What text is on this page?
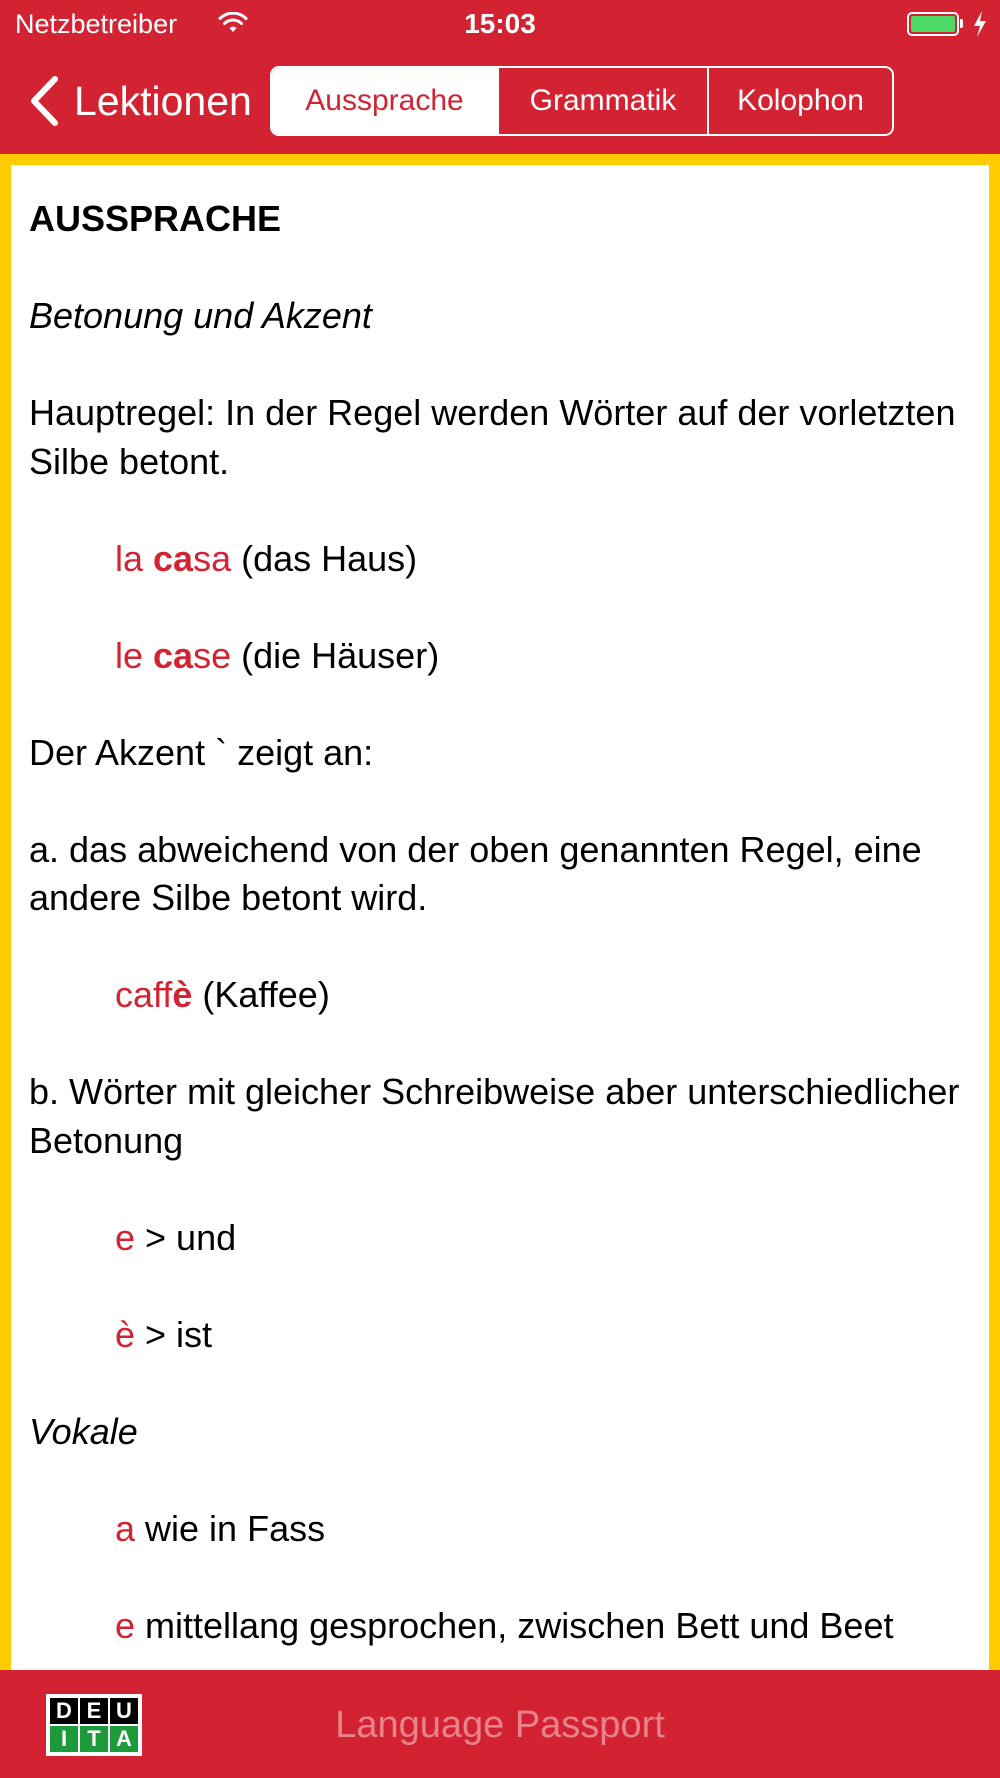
Netzbetreiber	15:03
Lektionen	Aussprache	Grammatik	Kolophon

AUSSPRACHE

Betonung und Akzent

Hauptregel: In der Regel werden Wörter auf der vorletzten Silbe betont.

la casa (das Haus)

le case (die Häuser)

Der Akzent ` zeigt an:

a. das abweichend von der oben genannten Regel, eine andere Silbe betont wird.

caffè (Kaffee)

b. Wörter mit gleicher Schreibweise aber unterschiedlicher Betonung

e > und

è > ist

Vokale

a wie in Fass

e mittellang gesprochen, zwischen Bett und Beet

D E U
I T A	Language Passport
